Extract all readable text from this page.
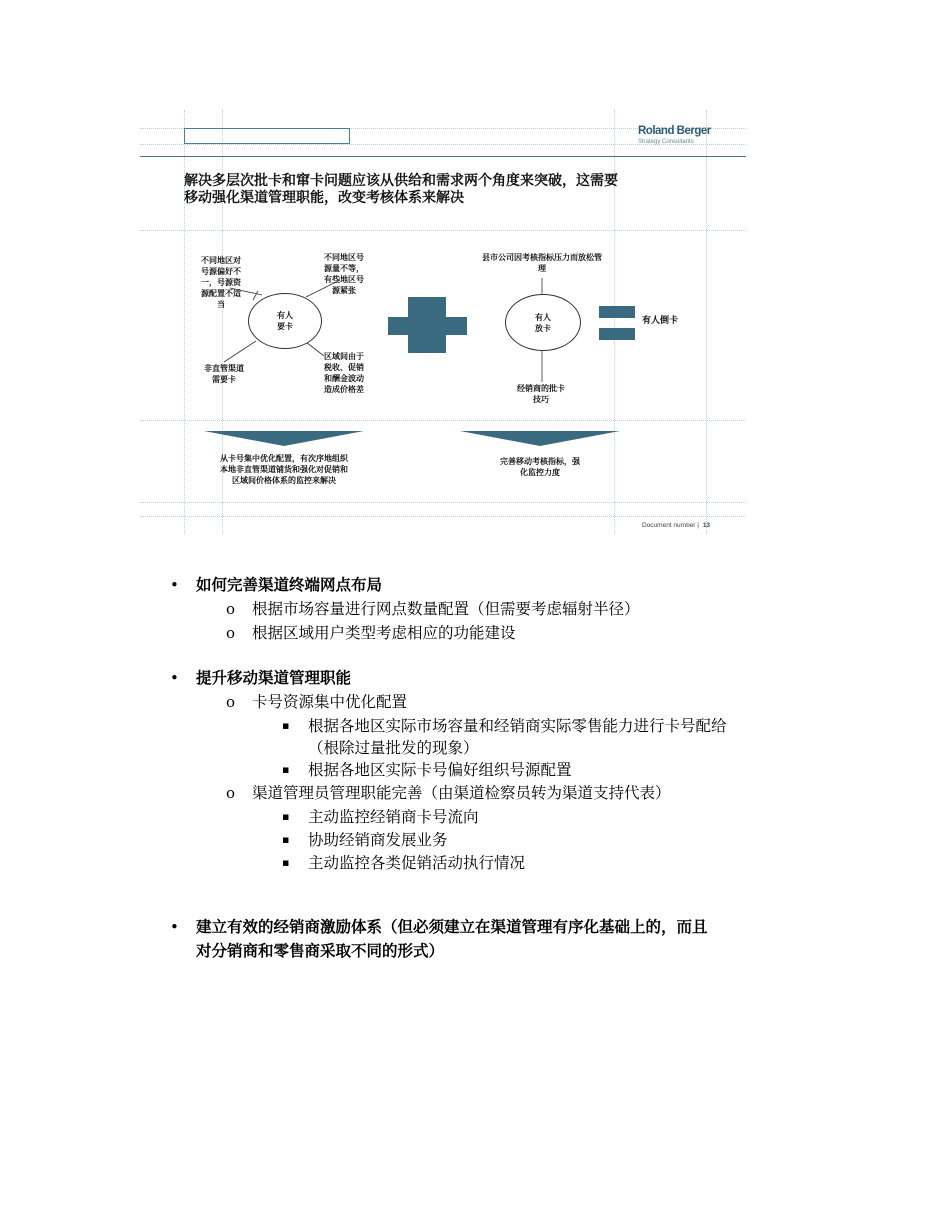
Roland Berger
Strategy Consultants
解决多层次批卡和窜卡问题应该从供给和需求两个角度来突破，这需要
移动强化渠道管理职能，改变考核体系来解决
有人
要卡
不同地区对
号源偏好不
一，号源资
源配置不适
当
不同地区号
源量不等，
有些地区号
源紧张
非直管渠道
需要卡
区域间由于
税收、促销
和酬金波动
造成价格差
有人
放卡
县市公司因考核指标压力而放松管
理
经销商的批卡
技巧
有人倒卡
从卡号集中优化配置，有次序地组织
本地非直管渠道铺货和强化对促销和
区域间价格体系的监控来解决
完善移动考核指标，强
化监控力度
Document number | 13
• 如何完善渠道终端网点布局
o 根据市场容量进行网点数量配置（但需要考虑辐射半径）
o 根据区域用户类型考虑相应的功能建设
• 提升移动渠道管理职能
o 卡号资源集中优化配置
▪ 根据各地区实际市场容量和经销商实际零售能力进行卡号配给
（根除过量批发的现象）
▪ 根据各地区实际卡号偏好组织号源配置
o 渠道管理员管理职能完善（由渠道检察员转为渠道支持代表）
▪ 主动监控经销商卡号流向
▪ 协助经销商发展业务
▪ 主动监控各类促销活动执行情况
• 建立有效的经销商激励体系（但必须建立在渠道管理有序化基础上的，而且
对分销商和零售商采取不同的形式）
